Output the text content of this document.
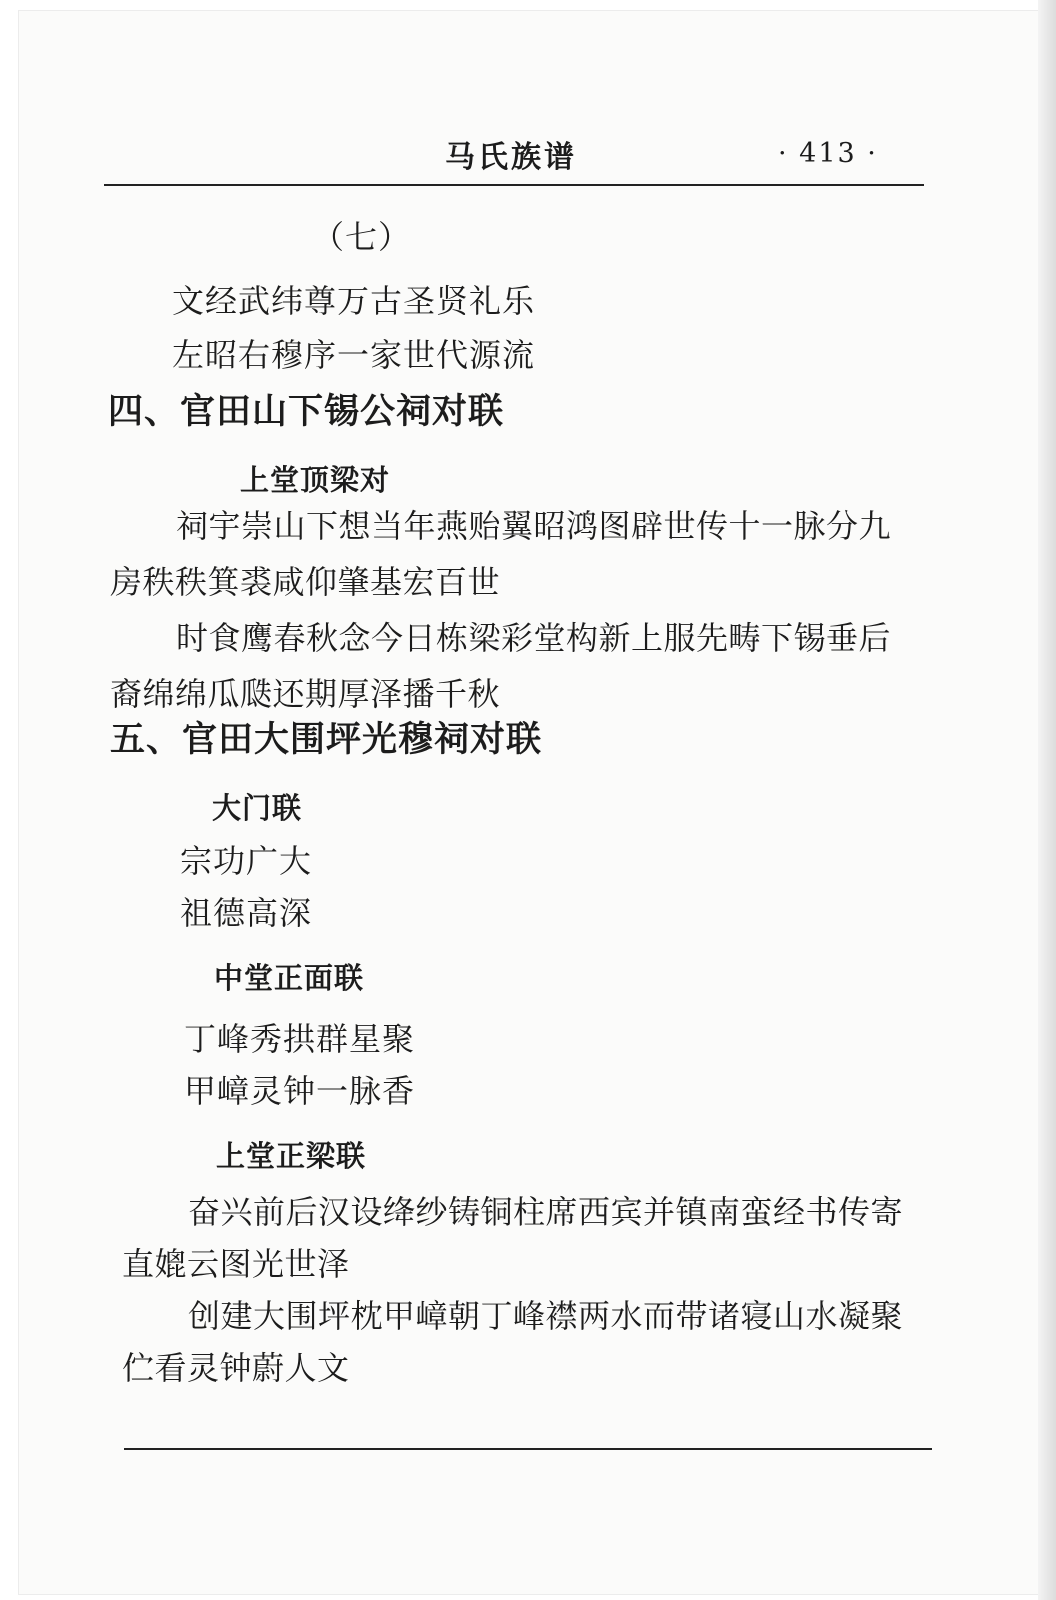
马氏族谱	· 413 ·
（七）
文经武纬尊万古圣贤礼乐
左昭右穆序一家世代源流
四、官田山下锡公祠对联
上堂顶梁对
祠宇崇山下想当年燕贻翼昭鸿图辟世传十一脉分九
房秩秩箕裘咸仰肇基宏百世
时食鹰春秋念今日栋梁彩堂构新上服先畴下锡垂后
裔绵绵瓜瓞还期厚泽播千秋
五、官田大围坪光穆祠对联
大门联
宗功广大
祖德高深
中堂正面联
丁峰秀拱群星聚
甲嶂灵钟一脉香
上堂正梁联
奋兴前后汉设绛纱铸铜柱席西宾并镇南蛮经书传寄
直媲云图光世泽
创建大围坪枕甲嶂朝丁峰襟两水而带诸寝山水凝聚
伫看灵钟蔚人文
